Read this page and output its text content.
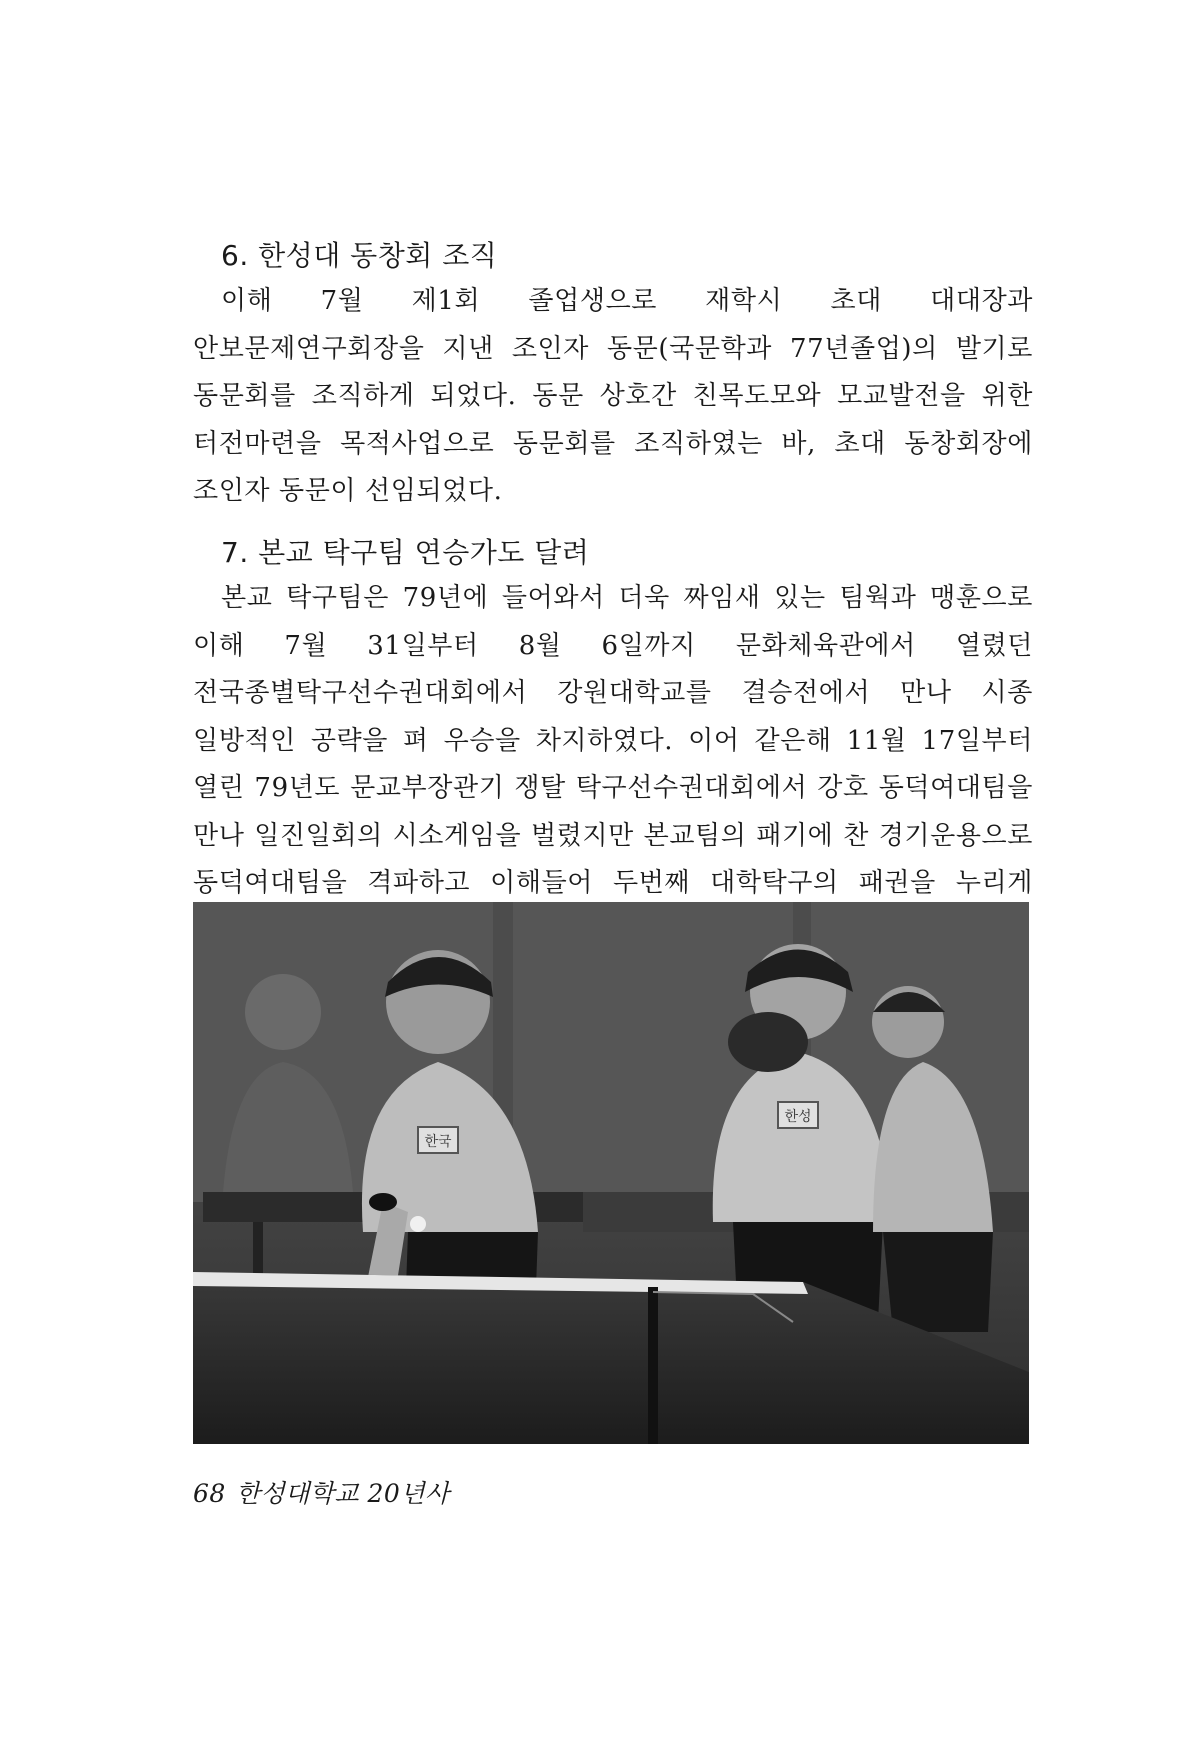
6. 한성대 동창회 조직

이해 7월 제1회 졸업생으로 재학시 초대 대대장과 안보문제연구회장을 지낸 조인자 동문(국문학과 77년졸업)의 발기로 동문회를 조직하게 되었다. 동문 상호간 친목도모와 모교발전을 위한 터전마련을 목적사업으로 동문회를 조직하였는 바, 초대 동창회장에 조인자 동문이 선임되었다.

7. 본교 탁구팀 연승가도 달려

본교 탁구팀은 79년에 들어와서 더욱 짜임새 있는 팀웍과 맹훈으로 이해 7월 31일부터 8월 6일까지 문화체육관에서 열렸던 전국종별탁구선수권대회에서 강원대학교를 결승전에서 만나 시종 일방적인 공략을 펴 우승을 차지하였다. 이어 같은해 11월 17일부터 열린 79년도 문교부장관기 쟁탈 탁구선수권대회에서 강호 동덕여대팀을 만나 일진일회의 시소게임을 벌렸지만 본교팀의 패기에 찬 경기운용으로 동덕여대팀을 격파하고 이해들어 두번째 대학탁구의 패권을 누리게

한국
한성
68 한성대학교 20년사
